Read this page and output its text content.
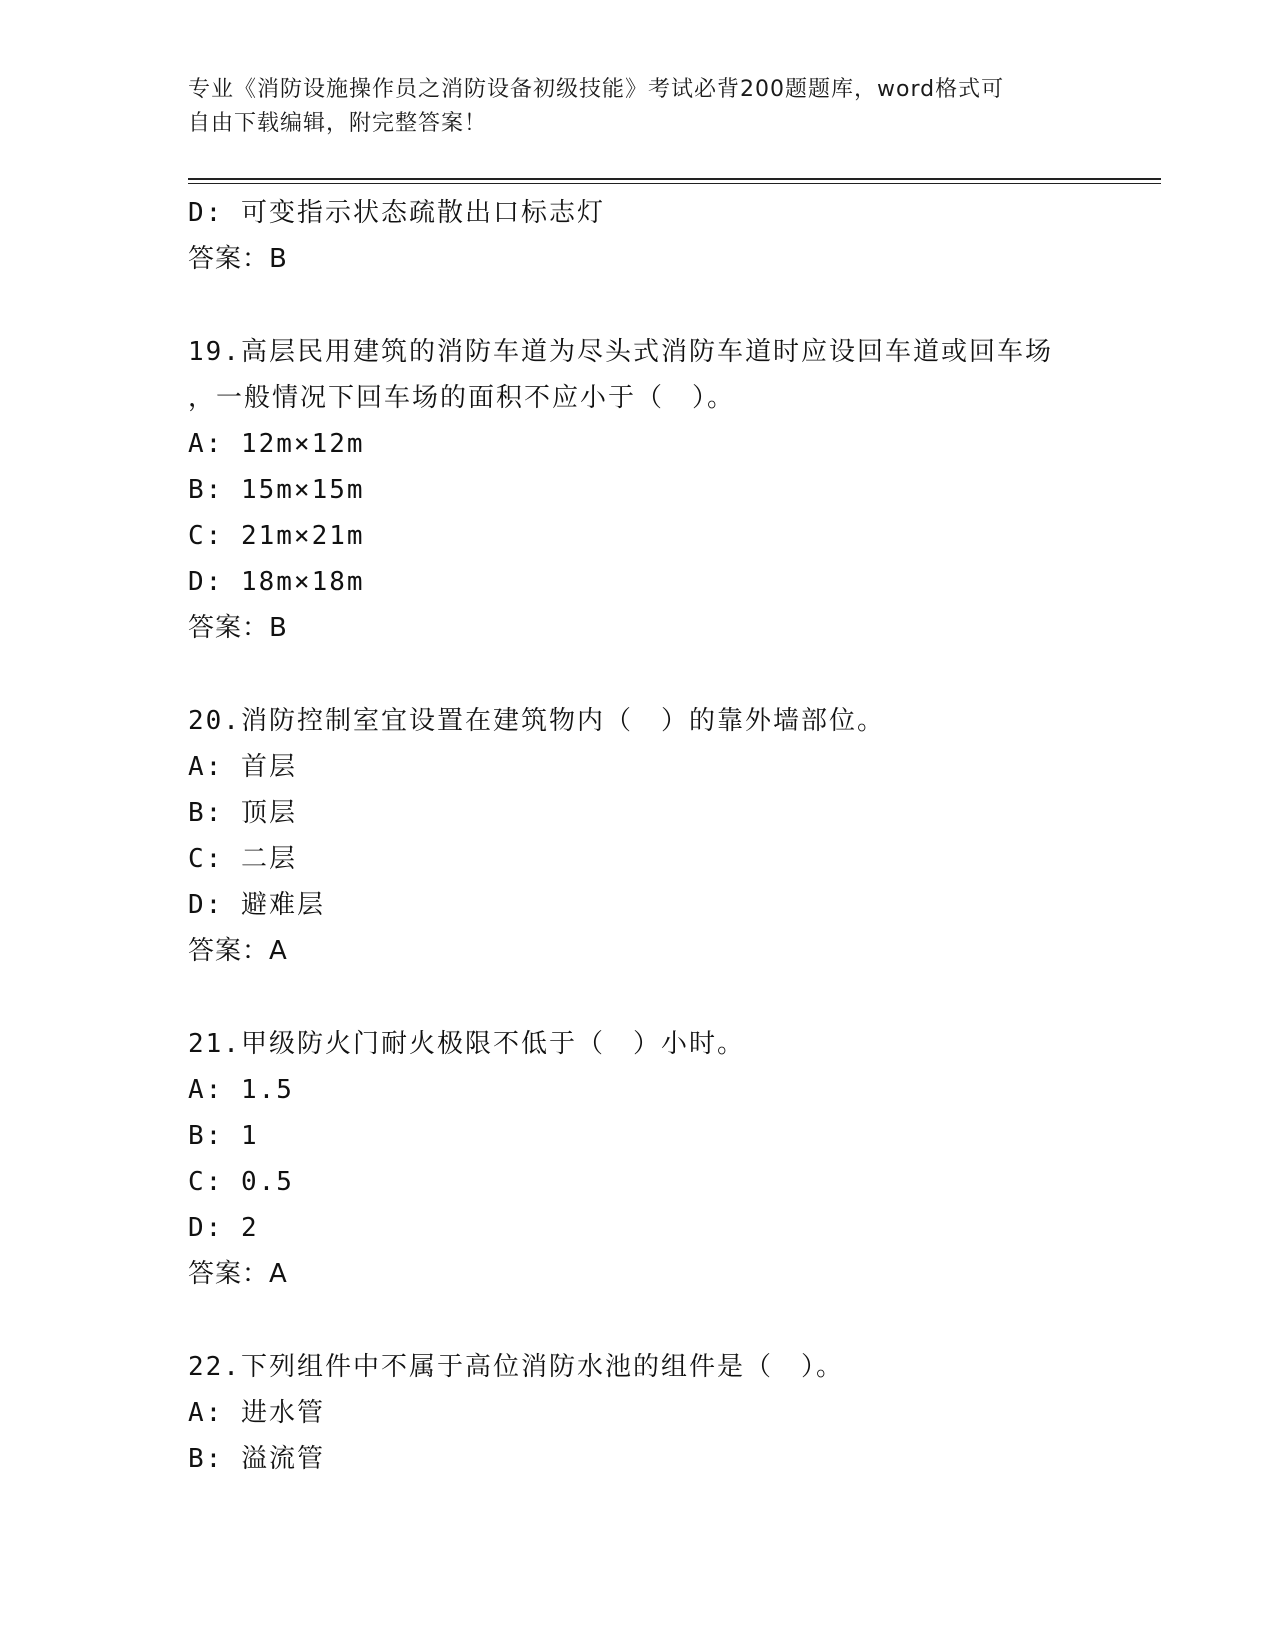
专业《消防设施操作员之消防设备初级技能》考试必背200题题库，word格式可
自由下载编辑，附完整答案！
D: 可变指示状态疏散出口标志灯
答案：B
19.高层民用建筑的消防车道为尽头式消防车道时应设回车道或回车场
，一般情况下回车场的面积不应小于（　）。
A: 12m×12m
B: 15m×15m
C: 21m×21m
D: 18m×18m
答案：B
20.消防控制室宜设置在建筑物内（　）的靠外墙部位。
A: 首层
B: 顶层
C: 二层
D: 避难层
答案：A
21.甲级防火门耐火极限不低于（　）小时。
A: 1.5
B: 1
C: 0.5
D: 2
答案：A
22.下列组件中不属于高位消防水池的组件是（　）。
A: 进水管
B: 溢流管
